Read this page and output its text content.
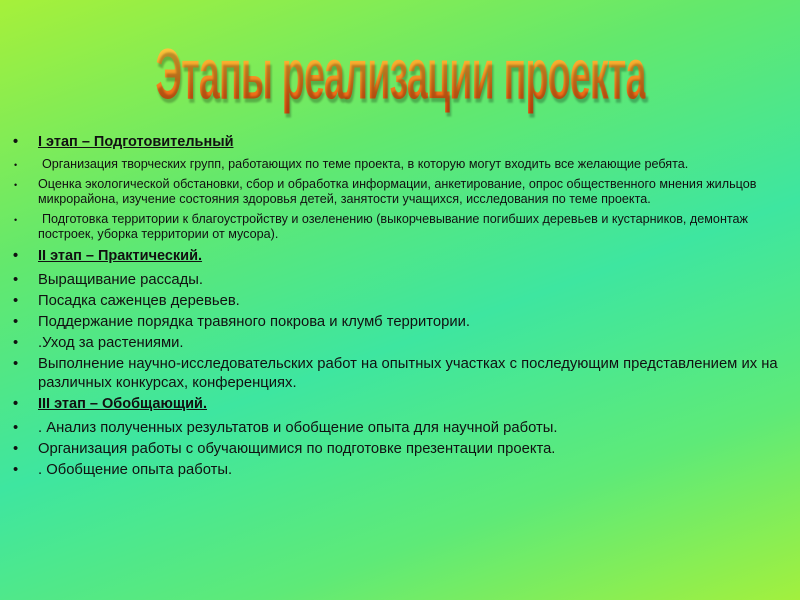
Этапы реализации проекта
• I этап – Подготовительный
• Организация творческих групп, работающих по теме проекта, в которую могут входить все желающие ребята.
• Оценка экологической обстановки, сбор и обработка информации, анкетирование, опрос общественного мнения жильцов микрорайона, изучение состояния здоровья детей, занятости учащихся, исследования по теме проекта.
• Подготовка территории к благоустройству и озеленению (выкорчевывание погибших деревьев и кустарников, демонтаж построек, уборка территории от мусора).
• II этап – Практический.
• Выращивание рассады.
• Посадка саженцев деревьев.
• Поддержание порядка травяного покрова и клумб территории.
• .Уход за растениями.
• Выполнение научно-исследовательских работ на опытных участках с последующим представлением их на различных конкурсах, конференциях.
• III этап – Обобщающий.
• . Анализ полученных результатов и обобщение опыта для научной работы.
• Организация работы с обучающимися по подготовке презентации проекта.
• . Обобщение опыта работы.
